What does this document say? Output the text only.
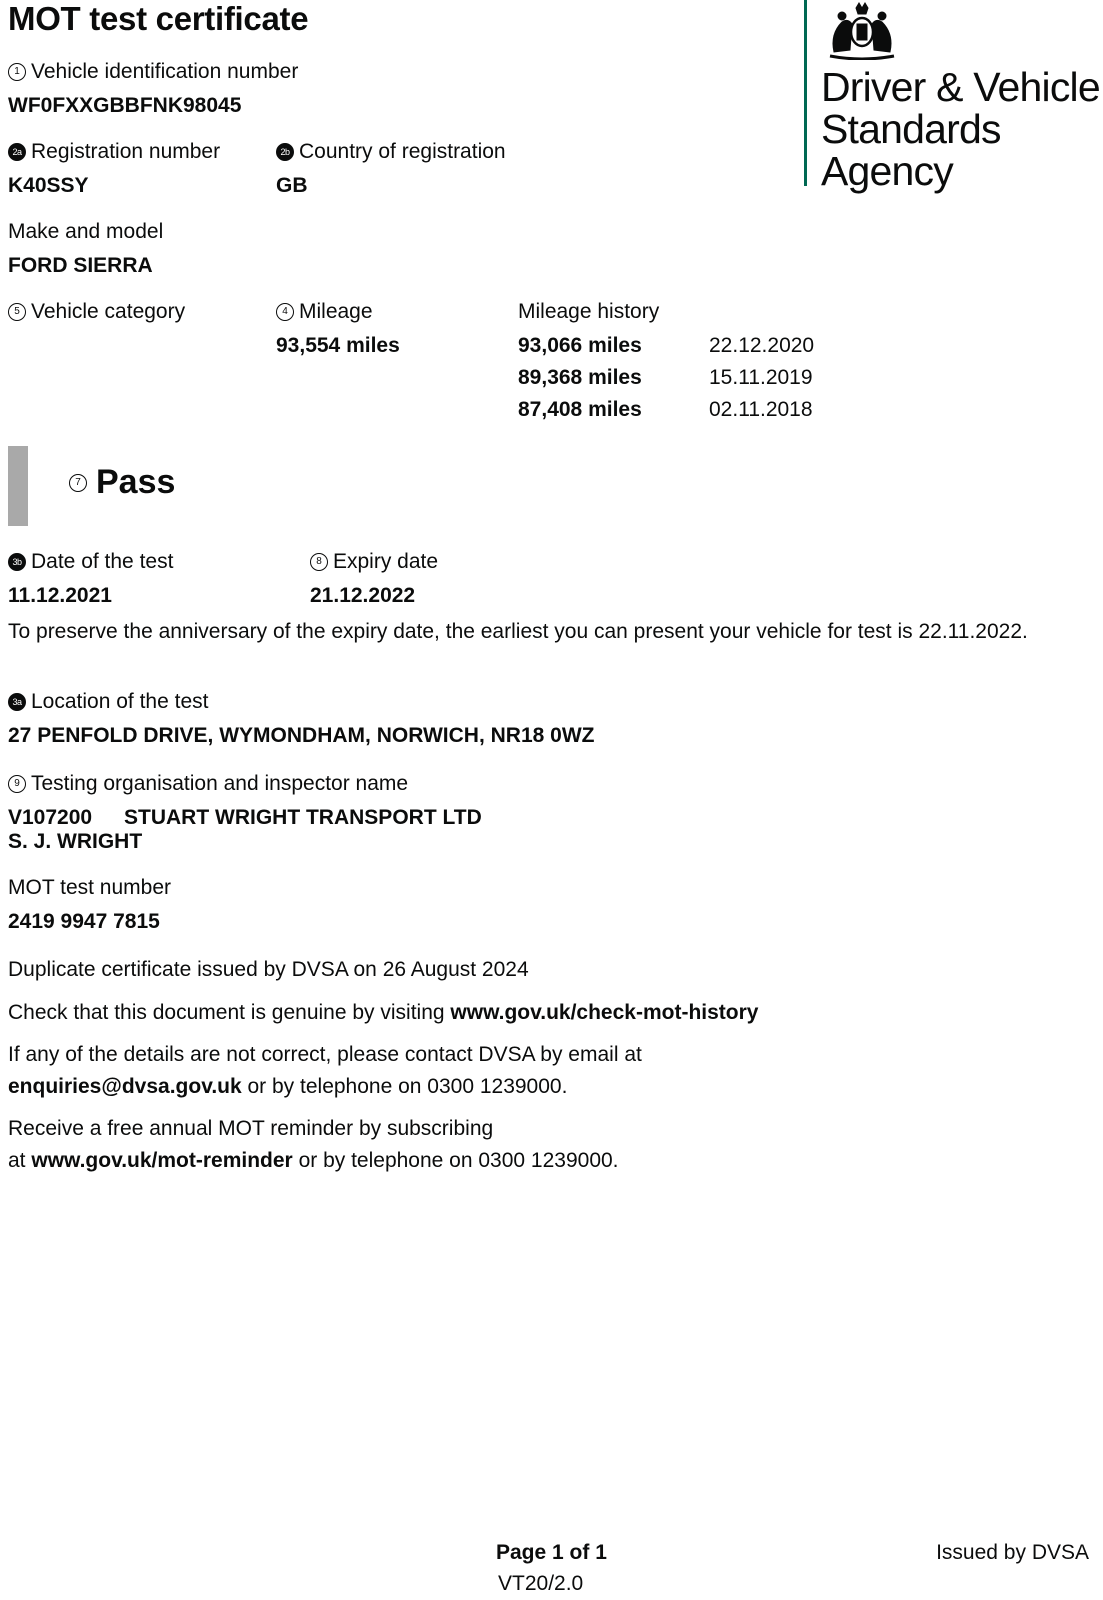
MOT test certificate
Driver & Vehicle
Standards
Agency
1 Vehicle identification number
WF0FXXGBBFNK98045
2a Registration number
K40SSY
2b Country of registration
GB
Make and model
FORD SIERRA
5 Vehicle category	4 Mileage
93,554 miles
Mileage history
93,066 miles	22.12.2020
89,368 miles	15.11.2019
87,408 miles	02.11.2018
7 Pass
3b Date of the test
11.12.2021
8 Expiry date
21.12.2022
To preserve the anniversary of the expiry date, the earliest you can present your vehicle for test is 22.11.2022.
3a Location of the test
27 PENFOLD DRIVE, WYMONDHAM, NORWICH, NR18 0WZ
9 Testing organisation and inspector name
V107200 STUART WRIGHT TRANSPORT LTD
S. J. WRIGHT
MOT test number
2419 9947 7815
Duplicate certificate issued by DVSA on 26 August 2024
Check that this document is genuine by visiting www.gov.uk/check-mot-history
If any of the details are not correct, please contact DVSA by email at
enquiries@dvsa.gov.uk or by telephone on 0300 1239000.
Receive a free annual MOT reminder by subscribing
at www.gov.uk/mot-reminder or by telephone on 0300 1239000.
Page 1 of 1
VT20/2.0
Issued by DVSA
